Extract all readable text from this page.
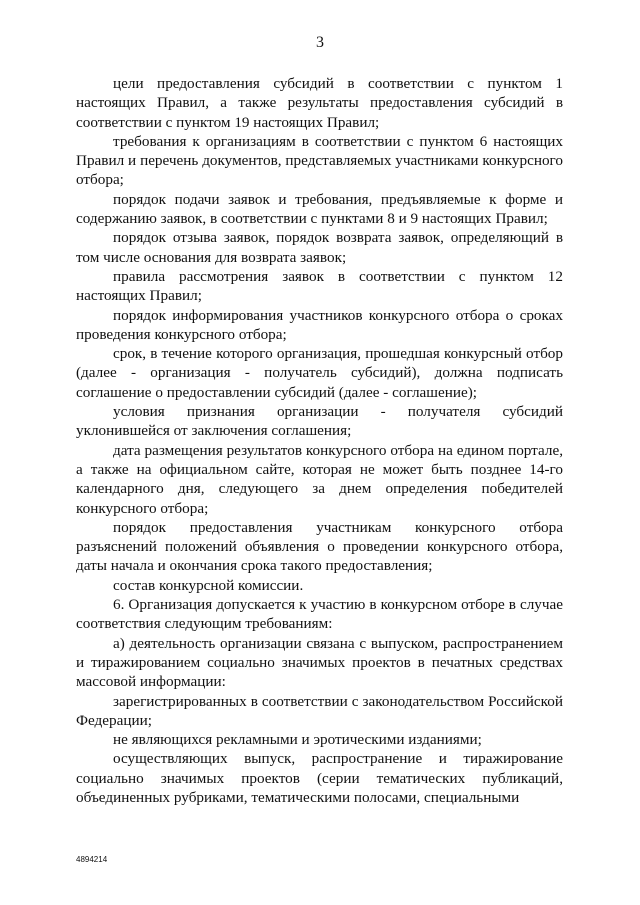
3

цели предоставления субсидий в соответствии с пунктом 1 настоящих Правил, а также результаты предоставления субсидий в соответствии с пунктом 19 настоящих Правил;

требования к организациям в соответствии с пунктом 6 настоящих Правил и перечень документов, представляемых участниками конкурсного отбора;

порядок подачи заявок и требования, предъявляемые к форме и содержанию заявок, в соответствии с пунктами 8 и 9 настоящих Правил;

порядок отзыва заявок, порядок возврата заявок, определяющий в том числе основания для возврата заявок;

правила рассмотрения заявок в соответствии с пунктом 12 настоящих Правил;

порядок информирования участников конкурсного отбора о сроках проведения конкурсного отбора;

срок, в течение которого организация, прошедшая конкурсный отбор (далее - организация - получатель субсидий), должна подписать соглашение о предоставлении субсидий (далее - соглашение);

условия признания организации - получателя субсидий уклонившейся от заключения соглашения;

дата размещения результатов конкурсного отбора на едином портале, а также на официальном сайте, которая не может быть позднее 14-го календарного дня, следующего за днем определения победителей конкурсного отбора;

порядок предоставления участникам конкурсного отбора разъяснений положений объявления о проведении конкурсного отбора, даты начала и окончания срока такого предоставления;

состав конкурсной комиссии.

6. Организация допускается к участию в конкурсном отборе в случае соответствия следующим требованиям:

а) деятельность организации связана с выпуском, распространением и тиражированием социально значимых проектов в печатных средствах массовой информации:

зарегистрированных в соответствии с законодательством Российской Федерации;

не являющихся рекламными и эротическими изданиями;

осуществляющих выпуск, распространение и тиражирование социально значимых проектов (серии тематических публикаций, объединенных рубриками, тематическими полосами, специальными

4894214
